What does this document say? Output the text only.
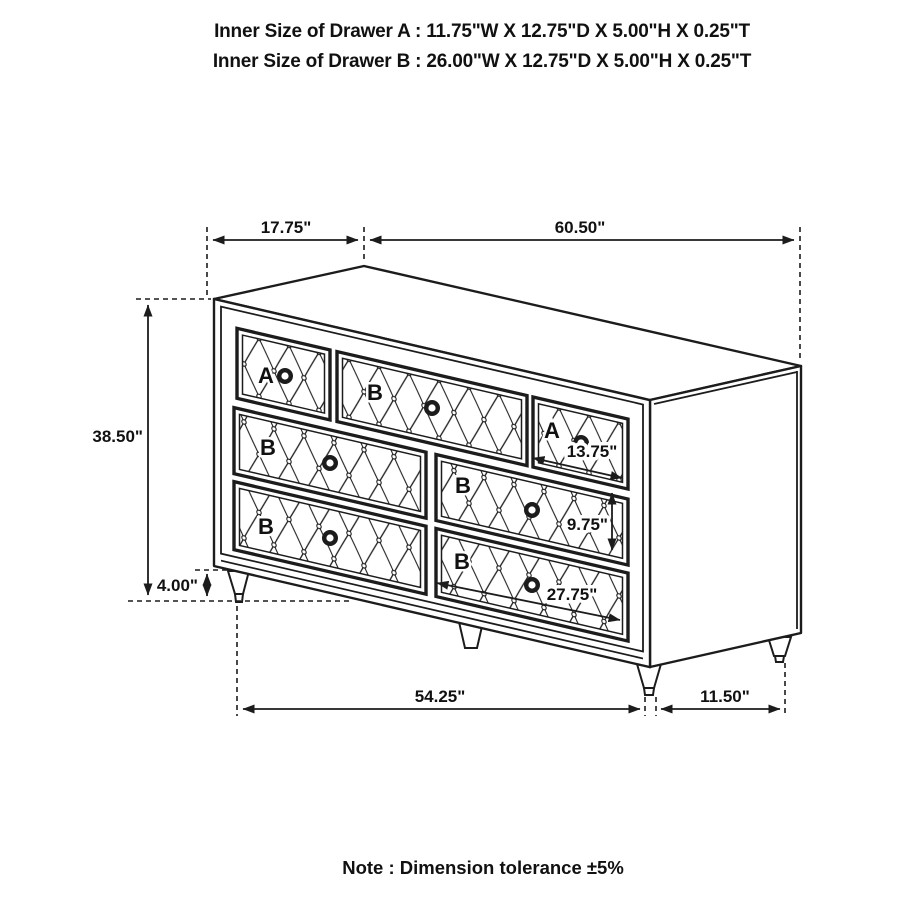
Inner Size of Drawer A : 11.75"W X 12.75"D X 5.00"H X 0.25"T
Inner Size of Drawer B : 26.00"W X 12.75"D X 5.00"H X 0.25"T
A
B
A
B
B
B
B
17.75"	60.50"
38.50"
4.00"
54.25"	11.50"
13.75"
9.75"
27.75"
Note : Dimension tolerance ±5%
